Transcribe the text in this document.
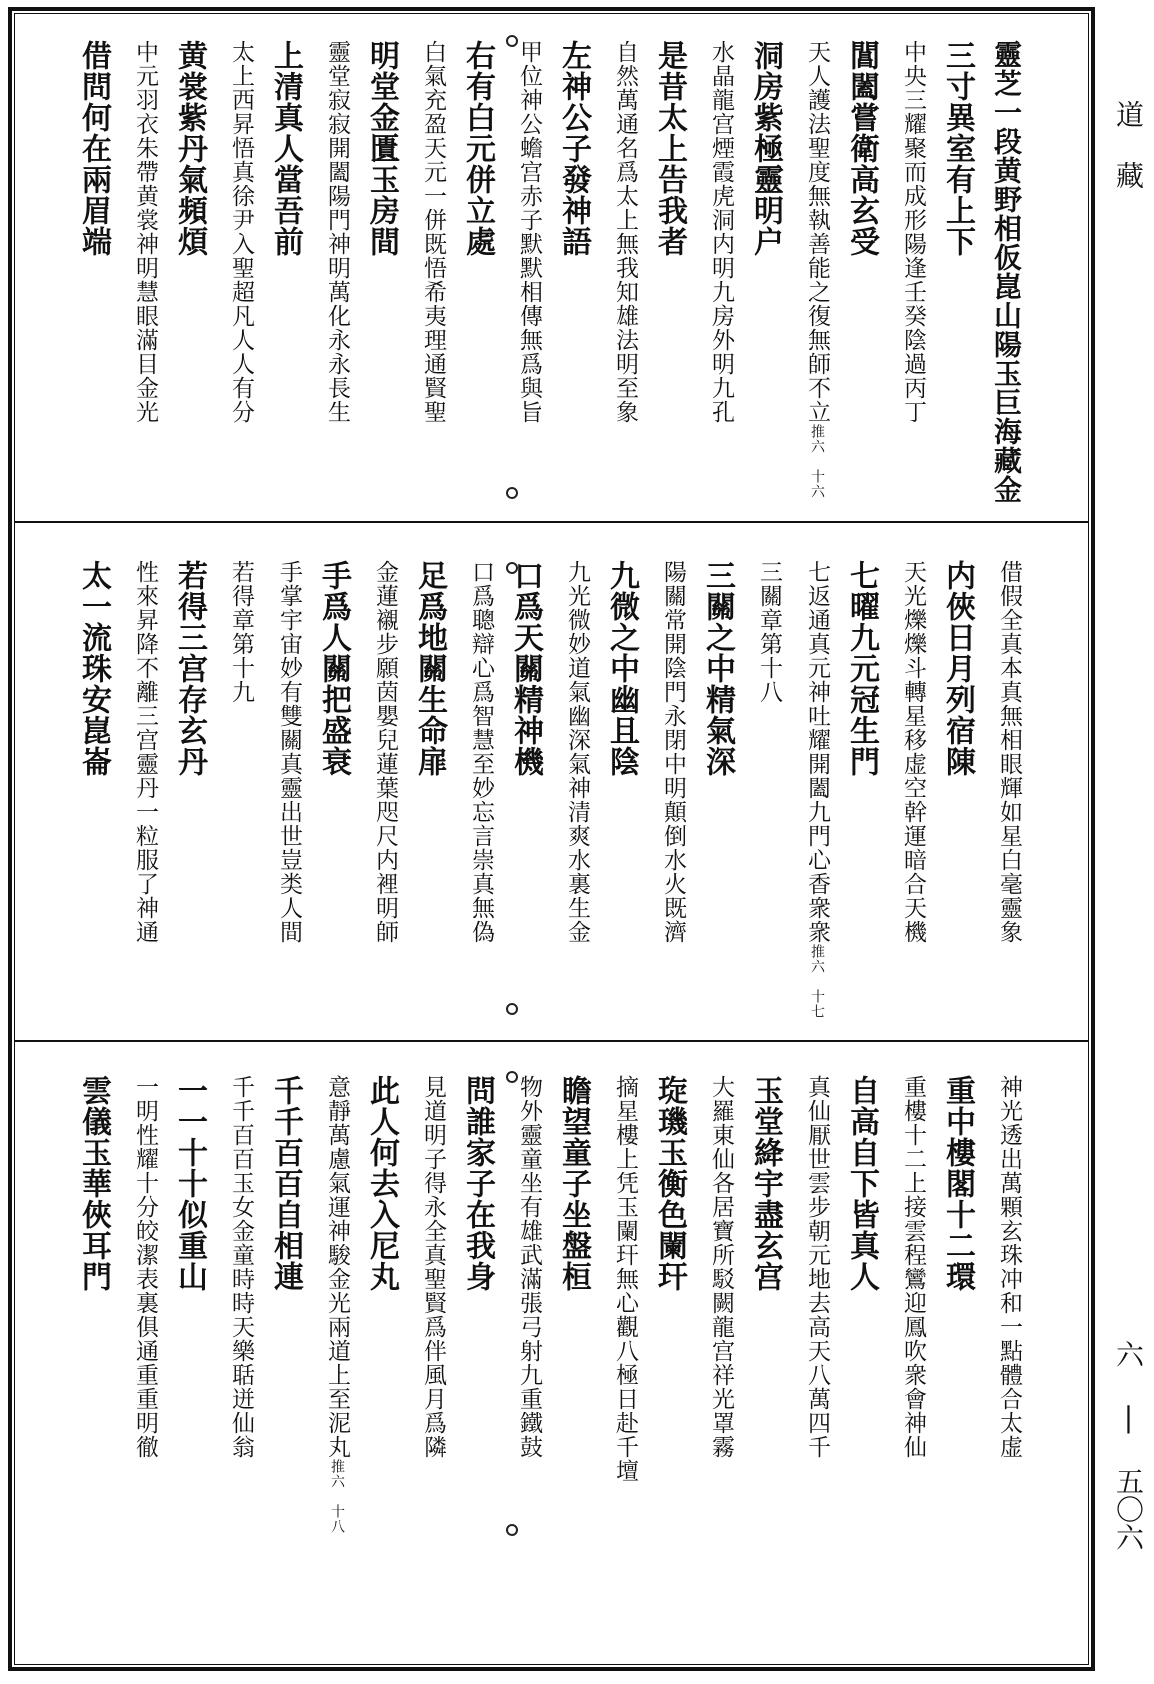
靈芝一段黄野相仮崑山陽玉巨海藏金
三寸異室有上下
中央三耀聚而成形陽逢壬癸陰過丙丁
閶闔嘗衛高玄受
天人護法聖度無執善能之復無師不立推六　十六
洞房紫極靈明户
水晶龍宫煙霞虎洞内明九房外明九孔
是昔太上告我者
自然萬通名爲太上無我知雄法明至象
左神公子發神語
甲位神公蟾宫赤子默默相傳無爲與旨
右有白元併立處
白氣充盈天元一併既悟希夷理通賢聖
明堂金匱玉房間
靈堂寂寂開闔陽門神明萬化永永長生
上清真人當吾前
太上西昇悟真徐尹入聖超凡人人有分
黄裳紫丹氣頻煩
中元羽衣朱帶黄裳神明慧眼滿目金光
借問何在兩眉端
借假全真本真無相眼輝如星白毫靈象
内俠日月列宿陳
天光爍爍斗轉星移虚空幹運暗合天機
七曜九元冠生門
七返通真元神吐耀開闔九門心香衆衆推六　十七
三關章第十八
三關之中精氣深
陽關常開陰門永閉中明顛倒水火既濟
九微之中幽且陰
九光微妙道氣幽深氣神清爽水裏生金
口爲天關精神機
口爲聰辯心爲智慧至妙忘言崇真無偽
足爲地關生命扉
金蓮襯步願茵嬰兒蓮葉咫尺内裡明師
手爲人關把盛衰
手掌宇宙妙有雙關真靈出世豈类人間
若得章第十九
若得三宫存玄丹
性來昇降不離三宫靈丹一粒服了神通
太一流珠安崑崙
神光透出萬顆玄珠冲和一點體合太虚
重中樓閣十二環
重樓十二上接雲程鸞迎鳳吹衆會神仙
自高自下皆真人
真仙厭世雲步朝元地去高天八萬四千
玉堂絳宇盡玄宫
大羅東仙各居寶所駁闕龍宫祥光罩霧
琁璣玉衡色闌玕
摘星樓上凭玉闌玕無心觀八極日赴千壇
瞻望童子坐盤桓
物外靈童坐有雄武滿張弓射九重鐵鼓
問誰家子在我身
見道明子得永全真聖賢爲伴風月爲隣
此人何去入尼丸
意靜萬慮氣運神駿金光兩道上至泥丸推六　十八
千千百百自相連
千千百百玉女金童時時天樂聒迸仙翁
一一十十似重山
一明性耀十分皎潔表裏俱通重重明徹
雲儀玉華俠耳門
道 藏
六 | 五〇六
